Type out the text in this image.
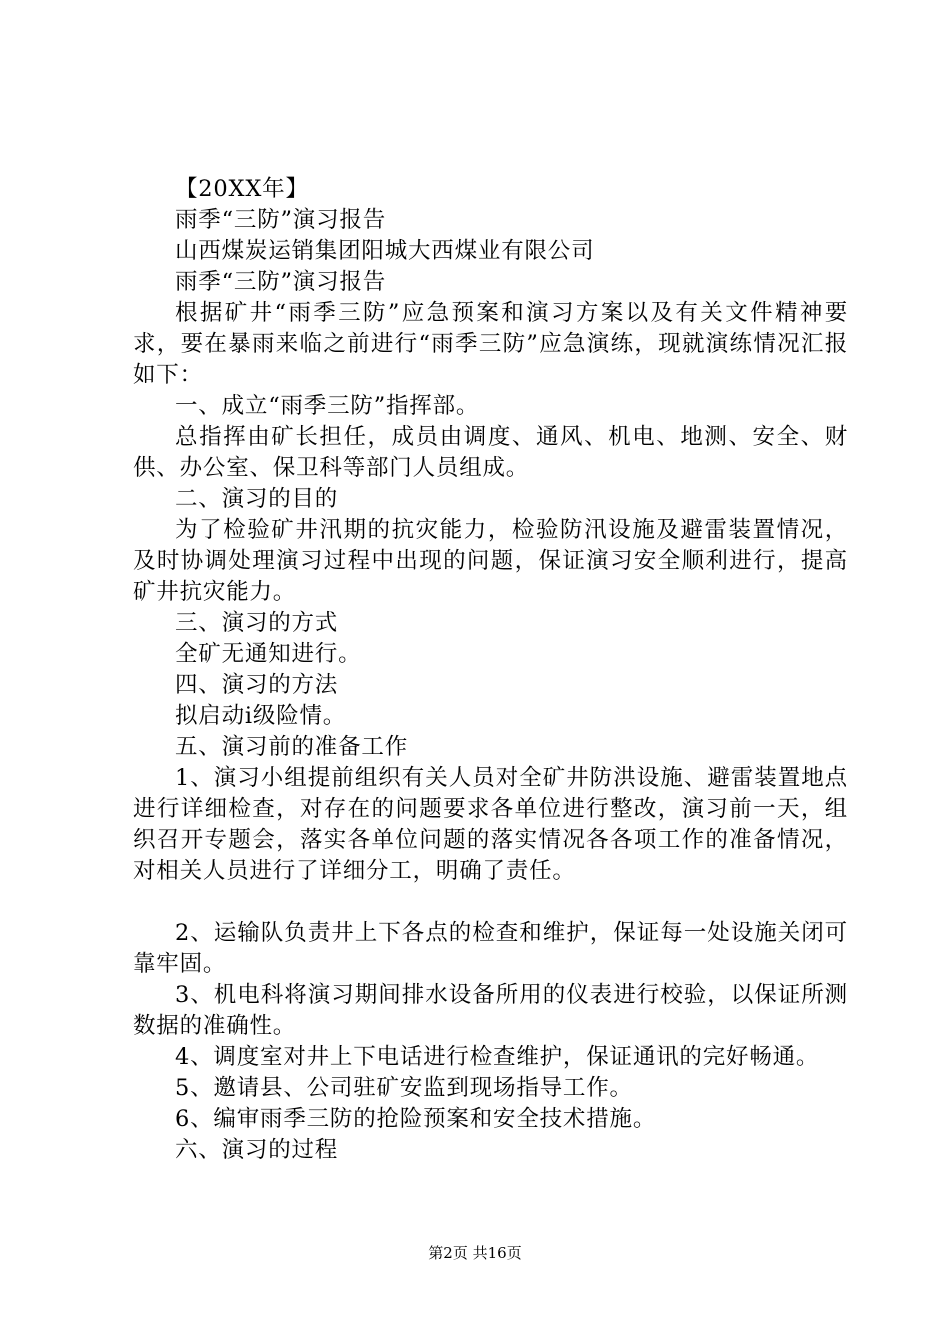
【20XX年】

雨季“三防”演习报告

山西煤炭运销集团阳城大西煤业有限公司

雨季“三防”演习报告

根据矿井“雨季三防”应急预案和演习方案以及有关文件精神要求，要在暴雨来临之前进行“雨季三防”应急演练，现就演练情况汇报如下：

一、成立“雨季三防”指挥部。

总指挥由矿长担任，成员由调度、通风、机电、地测、安全、财供、办公室、保卫科等部门人员组成。

二、演习的目的

为了检验矿井汛期的抗灾能力，检验防汛设施及避雷装置情况，及时协调处理演习过程中出现的问题，保证演习安全顺利进行，提高矿井抗灾能力。

三、演习的方式

全矿无通知进行。

四、演习的方法

拟启动ⅰ级险情。

五、演习前的准备工作

1、演习小组提前组织有关人员对全矿井防洪设施、避雷装置地点进行详细检查，对存在的问题要求各单位进行整改，演习前一天，组织召开专题会，落实各单位问题的落实情况各各项工作的准备情况，对相关人员进行了详细分工，明确了责任。

2、运输队负责井上下各点的检查和维护，保证每一处设施关闭可靠牢固。

3、机电科将演习期间排水设备所用的仪表进行校验，以保证所测数据的准确性。

4、调度室对井上下电话进行检查维护，保证通讯的完好畅通。

5、邀请县、公司驻矿安监到现场指导工作。

6、编审雨季三防的抢险预案和安全技术措施。

六、演习的过程

第2页 共16页
